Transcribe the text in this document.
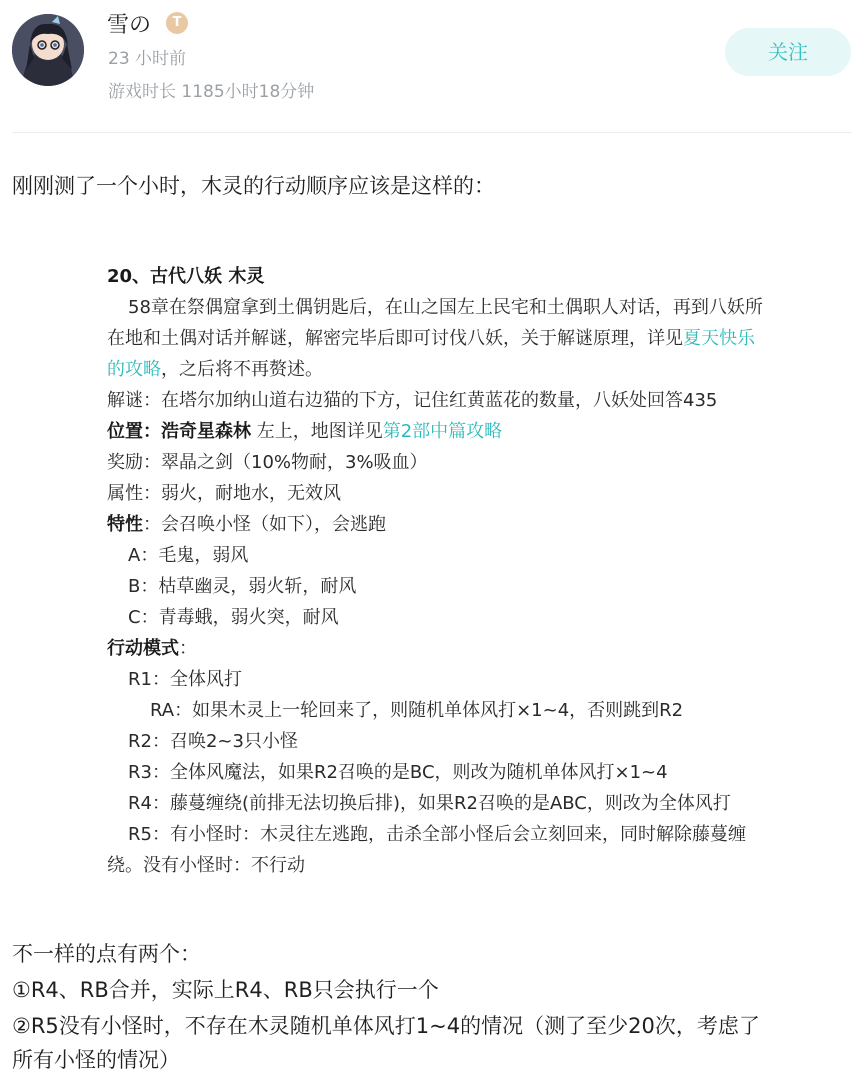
雪の	T
23 小时前
游戏时长 1185小时18分钟
关注
刚刚测了一个小时，木灵的行动顺序应该是这样的：
20、古代八妖 木灵
58章在祭偶窟拿到土偶钥匙后，在山之国左上民宅和土偶职人对话，再到八妖所
在地和土偶对话并解谜，解密完毕后即可讨伐八妖，关于解谜原理，详见夏天快乐
的攻略，之后将不再赘述。
解谜：在塔尔加纳山道右边猫的下方，记住红黄蓝花的数量，八妖处回答435
位置：浩奇星森林 左上，地图详见第2部中篇攻略
奖励：翠晶之剑（10%物耐，3%吸血）
属性：弱火，耐地水，无效风
特性：会召唤小怪（如下），会逃跑
A：毛鬼，弱风
B：枯草幽灵，弱火斩，耐风
C：青毒蛾，弱火突，耐风
行动模式：
R1：全体风打
RA：如果木灵上一轮回来了，则随机单体风打×1~4，否则跳到R2
R2：召唤2~3只小怪
R3：全体风魔法，如果R2召唤的是BC，则改为随机单体风打×1~4
R4：藤蔓缠绕(前排无法切换后排)，如果R2召唤的是ABC，则改为全体风打
R5：有小怪时：木灵往左逃跑，击杀全部小怪后会立刻回来，同时解除藤蔓缠
绕。没有小怪时：不行动
不一样的点有两个：
①R4、RB合并，实际上R4、RB只会执行一个
②R5没有小怪时，不存在木灵随机单体风打1~4的情况（测了至少20次，考虑了
所有小怪的情况）
